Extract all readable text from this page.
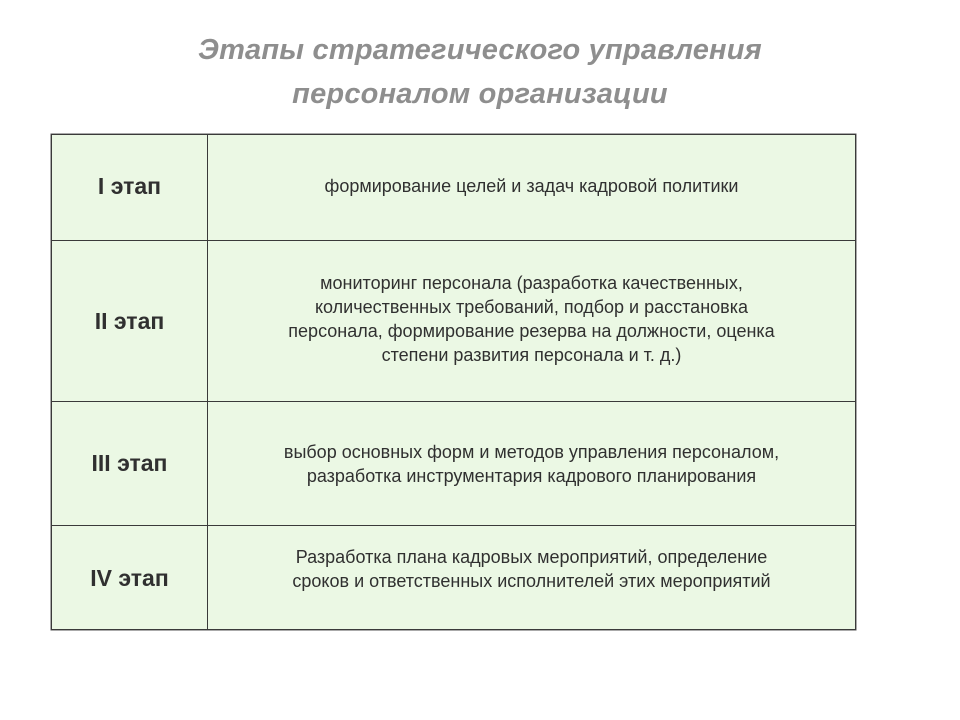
Этапы стратегического управления
персоналом организации
I этап	формирование целей и задач кадровой политики

II этап	мониторинг персонала (разработка качественных,
количественных требований, подбор и расстановка
персонала, формирование резерва на должности, оценка
степени развития персонала и т. д.)

III этап	выбор основных форм и методов управления персоналом,
разработка инструментария кадрового планирования

IV этап	Разработка плана кадровых мероприятий, определение
сроков и ответственных исполнителей этих мероприятий
